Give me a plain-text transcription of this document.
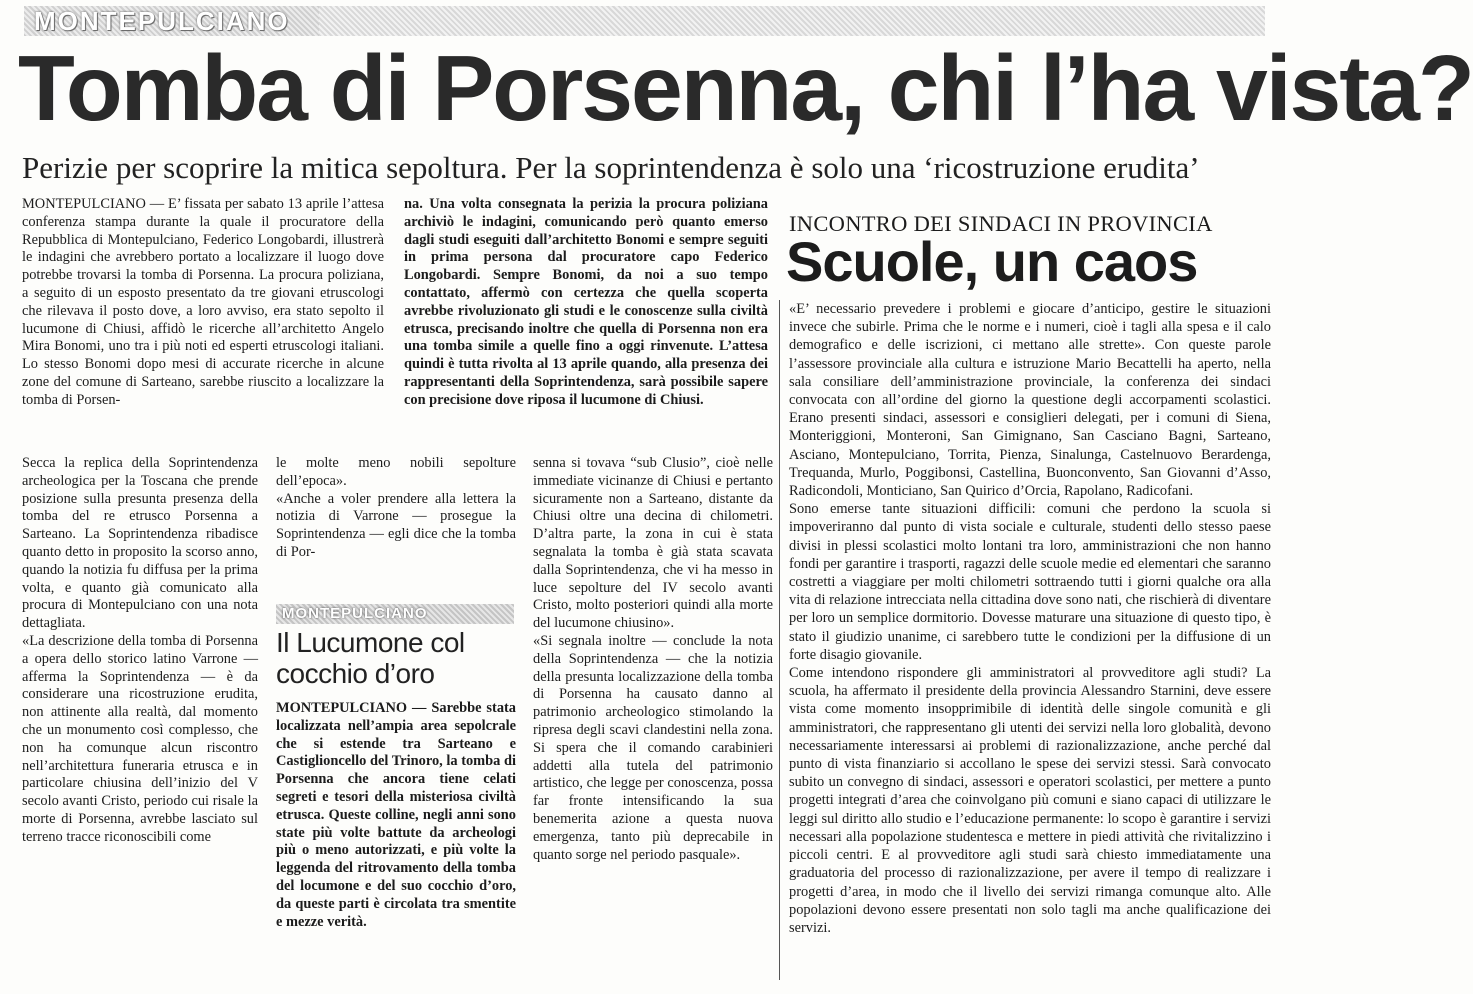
MONTEPULCIANO
Tomba di Porsenna, chi l’ha vista?
Perizie per scoprire la mitica sepoltura. Per la soprintendenza è solo una ‘ricostruzione erudita’

MONTEPULCIANO — E’ fissata per sabato 13 aprile l’attesa conferenza stampa durante la quale il procuratore della Repubblica di Montepulciano, Federico Longobardi, illustrerà le indagini che avrebbero portato a localizzare il luogo dove potrebbe trovarsi la tomba di Porsenna. La procura poliziana, a seguito di un esposto presentato da tre giovani etruscologi che rilevava il posto dove, a loro avviso, era stato sepolto il lucumone di Chiusi, affidò le ricerche all’architetto Angelo Mira Bonomi, uno tra i più noti ed esperti etruscologi italiani. Lo stesso Bonomi dopo mesi di accurate ricerche in alcune zone del comune di Sarteano, sarebbe riuscito a localizzare la tomba di Porsen-

na. Una volta consegnata la perizia la procura poliziana archiviò le indagini, comunicando però quanto emerso dagli studi eseguiti dall’architetto Bonomi e sempre seguiti in prima persona dal procuratore capo Federico Longobardi. Sempre Bonomi, da noi a suo tempo contattato, affermò con certezza che quella scoperta avrebbe rivoluzionato gli studi e le conoscenze sulla civiltà etrusca, precisando inoltre che quella di Porsenna non era una tomba simile a quelle fino a oggi rinvenute. L’attesa quindi è tutta rivolta al 13 aprile quando, alla presenza dei rappresentanti della Soprintendenza, sarà possibile sapere con precisione dove riposa il lucumone di Chiusi.

Secca la replica della Soprintendenza archeologica per la Toscana che prende posizione sulla presunta presenza della tomba del re etrusco Porsenna a Sarteano. La Soprintendenza ribadisce quanto detto in proposito la scorso anno, quando la notizia fu diffusa per la prima volta, e quanto già comunicato alla procura di Montepulciano con una nota dettagliata.

«La descrizione della tomba di Porsenna a opera dello storico latino Varrone — afferma la Soprintendenza — è da considerare una ricostruzione erudita, non attinente alla realtà, dal momento che un monumento così complesso, che non ha comunque alcun riscontro nell’architettura funeraria etrusca e in particolare chiusina dell’inizio del V secolo avanti Cristo, periodo cui risale la morte di Porsenna, avrebbe lasciato sul terreno tracce riconoscibili come

le molte meno nobili sepolture dell’epoca».

«Anche a voler prendere alla lettera la notizia di Varrone — prosegue la Soprintendenza — egli dice che la tomba di Por-

MONTEPULCIANO
Il Lucumone col cocchio d’oro

MONTEPULCIANO — Sarebbe stata localizzata nell’ampia area sepolcrale che si estende tra Sarteano e Castiglioncello del Trinoro, la tomba di Porsenna che ancora tiene celati segreti e tesori della misteriosa civiltà etrusca. Queste colline, negli anni sono state più volte battute da archeologi più o meno autorizzati, e più volte la leggenda del ritrovamento della tomba del locumone e del suo cocchio d’oro, da queste parti è circolata tra smentite e mezze verità.

senna si tovava “sub Clusio”, cioè nelle immediate vicinanze di Chiusi e pertanto sicuramente non a Sarteano, distante da Chiusi oltre una decina di chilometri. D’altra parte, la zona in cui è stata segnalata la tomba è già stata scavata dalla Soprintendenza, che vi ha messo in luce sepolture del IV secolo avanti Cristo, molto posteriori quindi alla morte del lucumone chiusino».

«Si segnala inoltre — conclude la nota della Soprintendenza — che la notizia della presunta localizzazione della tomba di Porsenna ha causato danno al patrimonio archeologico stimolando la ripresa degli scavi clandestini nella zona. Si spera che il comando carabinieri addetti alla tutela del patrimonio artistico, che legge per conoscenza, possa far fronte intensificando la sua benemerita azione a questa nuova emergenza, tanto più deprecabile in quanto sorge nel periodo pasquale».

INCONTRO DEI SINDACI IN PROVINCIA
Scuole, un caos

«E’ necessario prevedere i problemi e giocare d’anticipo, gestire le situazioni invece che subirle. Prima che le norme e i numeri, cioè i tagli alla spesa e il calo demografico e delle iscrizioni, ci mettano alle strette». Con queste parole l’assessore provinciale alla cultura e istruzione Mario Becattelli ha aperto, nella sala consiliare dell’amministrazione provinciale, la conferenza dei sindaci convocata con all’ordine del giorno la questione degli accorpamenti scolastici. Erano presenti sindaci, assessori e consiglieri delegati, per i comuni di Siena, Monteriggioni, Monteroni, San Gimignano, San Casciano Bagni, Sarteano, Asciano, Montepulciano, Torrita, Pienza, Sinalunga, Castelnuovo Berardenga, Trequanda, Murlo, Poggibonsi, Castellina, Buonconvento, San Giovanni d’Asso, Radicondoli, Monticiano, San Quirico d’Orcia, Rapolano, Radicofani.

Sono emerse tante situazioni difficili: comuni che perdono la scuola si impoveriranno dal punto di vista sociale e culturale, studenti dello stesso paese divisi in plessi scolastici molto lontani tra loro, amministrazioni che non hanno fondi per garantire i trasporti, ragazzi delle scuole medie ed elementari che saranno costretti a viaggiare per molti chilometri sottraendo tutti i giorni qualche ora alla vita di relazione intrecciata nella cittadina dove sono nati, che rischierà di diventare per loro un semplice dormitorio. Dovesse maturare una situazione di questo tipo, è stato il giudizio unanime, ci sarebbero tutte le condizioni per la diffusione di un forte disagio giovanile.

Come intendono rispondere gli amministratori al provveditore agli studi? La scuola, ha affermato il presidente della provincia Alessandro Starnini, deve essere vista come momento insopprimibile di identità delle singole comunità e gli amministratori, che rappresentano gli utenti dei servizi nella loro globalità, devono necessariamente interessarsi ai problemi di razionalizzazione, anche perché dal punto di vista finanziario si accollano le spese dei servizi stessi. Sarà convocato subito un convegno di sindaci, assessori e operatori scolastici, per mettere a punto progetti integrati d’area che coinvolgano più comuni e siano capaci di utilizzare le leggi sul diritto allo studio e l’educazione permanente: lo scopo è garantire i servizi necessari alla popolazione studentesca e mettere in piedi attività che rivitalizzino i piccoli centri. E al provveditore agli studi sarà chiesto immediatamente una graduatoria del processo di razionalizzazione, per avere il tempo di realizzare i progetti d’area, in modo che il livello dei servizi rimanga comunque alto. Alle popolazioni devono essere presentati non solo tagli ma anche qualificazione dei servizi.
